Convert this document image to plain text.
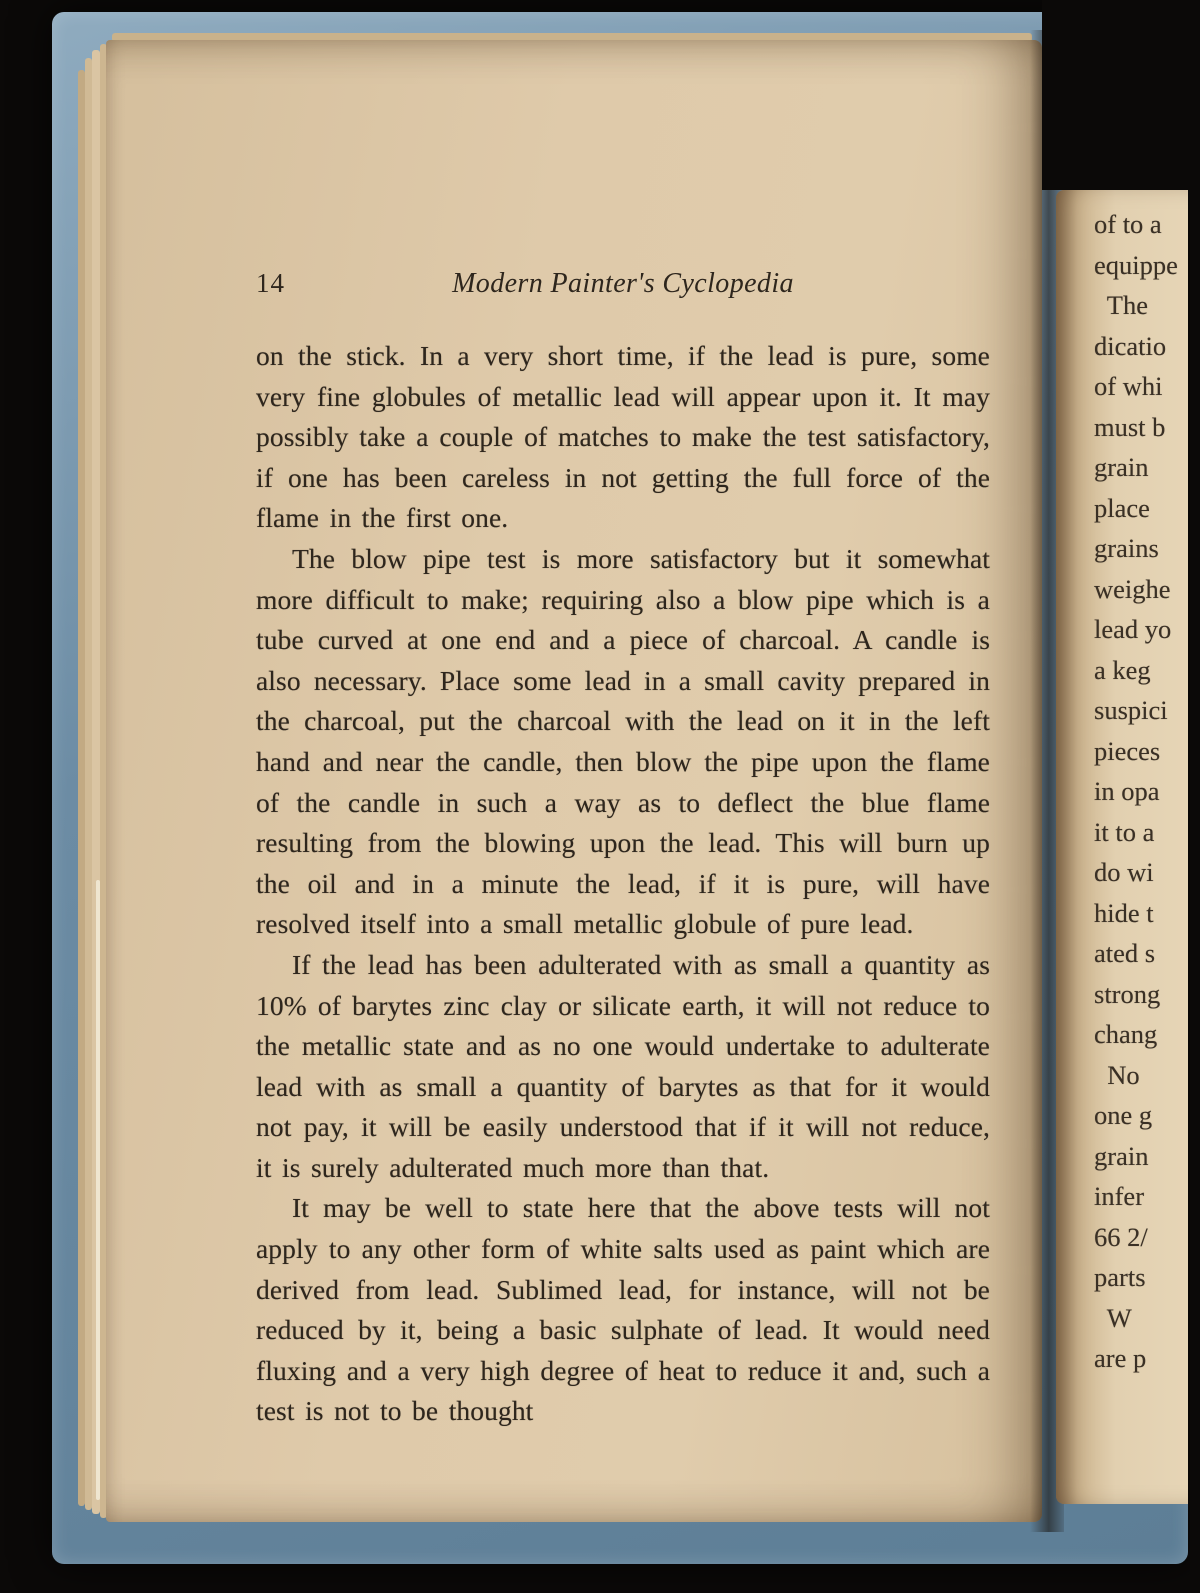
14	Modern Painter's Cyclopedia

on the stick. In a very short time, if the lead is pure, some very fine globules of metallic lead will appear upon it. It may possibly take a couple of matches to make the test satisfactory, if one has been careless in not getting the full force of the flame in the first one.

The blow pipe test is more satisfactory but it somewhat more difficult to make; requiring also a blow pipe which is a tube curved at one end and a piece of charcoal. A candle is also necessary. Place some lead in a small cavity prepared in the charcoal, put the charcoal with the lead on it in the left hand and near the candle, then blow the pipe upon the flame of the candle in such a way as to deflect the blue flame resulting from the blowing upon the lead. This will burn up the oil and in a minute the lead, if it is pure, will have resolved itself into a small metallic globule of pure lead.

If the lead has been adulterated with as small a quantity as 10% of barytes zinc clay or silicate earth, it will not reduce to the metallic state and as no one would undertake to adulterate lead with as small a quantity of barytes as that for it would not pay, it will be easily understood that if it will not reduce, it is surely adulterated much more than that.

It may be well to state here that the above tests will not apply to any other form of white salts used as paint which are derived from lead. Sublimed lead, for instance, will not be reduced by it, being a basic sulphate of lead. It would need fluxing and a very high degree of heat to reduce it and, such a test is not to be thought

of to a
equippe
The
dicatio
of whi
must b
grain
place
grains
weighe
lead yo
a keg
suspici
pieces
in opa
it to a
do wi
hide t
ated s
strong
chang
No
one g
grain
infer
66 2/
parts
W
are p
